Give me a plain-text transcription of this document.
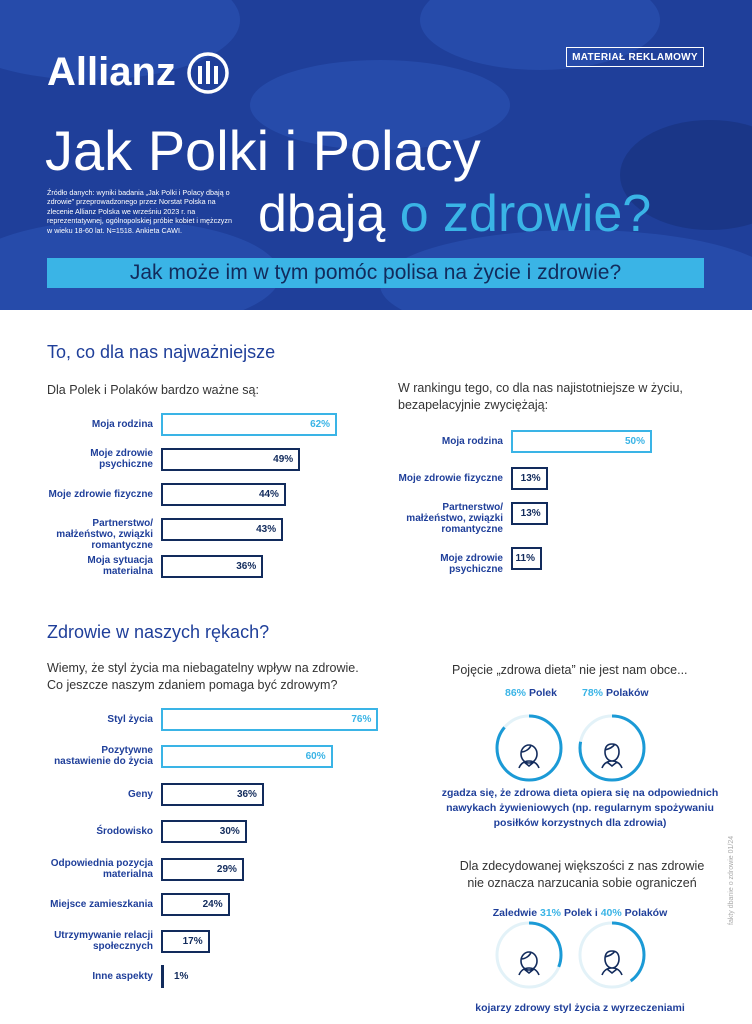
Allianz	MATERIAŁ REKLAMOWY
Jak Polki i Polacy
Źródło danych: wyniki badania „Jak Polki i Polacy dbają o zdrowie” przeprowadzonego przez Norstat Polska na zlecenie Allianz Polska we wrześniu 2023 r. na reprezentatywnej, ogólnopolskiej próbie kobiet i mężczyzn w wieku 18-60 lat. N=1518. Ankieta CAWI.	dbają o zdrowie?
Jak może im w tym pomóc polisa na życie i zdrowie?
To, co dla nas najważniejsze
Dla Polek i Polaków bardzo ważne są:	W rankingu tego, co dla nas najistotniejsze w życiu, bezapelacyjnie zwyciężają:
Zdrowie w naszych rękach?
Wiemy, że styl życia ma niebagatelny wpływ na zdrowie. Co jeszcze naszym zdaniem pomaga być zdrowym?
Moja rodzina	62%
Moje zdrowie psychiczne	49%
Moje zdrowie fizyczne	44%
Partnerstwo/ małżeństwo, związki romantyczne
43%
Moja sytuacja materialna	36%
Moja rodzina	50%
Moje zdrowie fizyczne 13%
Partnerstwo/ małżeństwo, związki romantyczne
13%
Moje zdrowie psychiczne
11%
Styl życia	76%
Pozytywne nastawienie do życia	60%
Geny	36%
Środowisko	30%
Odpowiednia pozycja materialna	29%
Miejsce zamieszkania	24%
Utrzymywanie relacji społecznych	17%
Inne aspekty 1%
Pojęcie „zdrowa dieta” nie jest nam obce...
86% Polek 78% Polaków
zgadza się, że zdrowa dieta opiera się na odpowiednich nawykach żywieniowych (np. regularnym spożywaniu posiłków korzystnych dla zdrowia)
Dla zdecydowanej większości z nas zdrowie nie oznacza narzucania sobie ograniczeń
Zaledwie 31% Polek i 40% Polaków
kojarzy zdrowy styl życia z wyrzeczeniami
fakty dbanie o zdrowie 01/24
